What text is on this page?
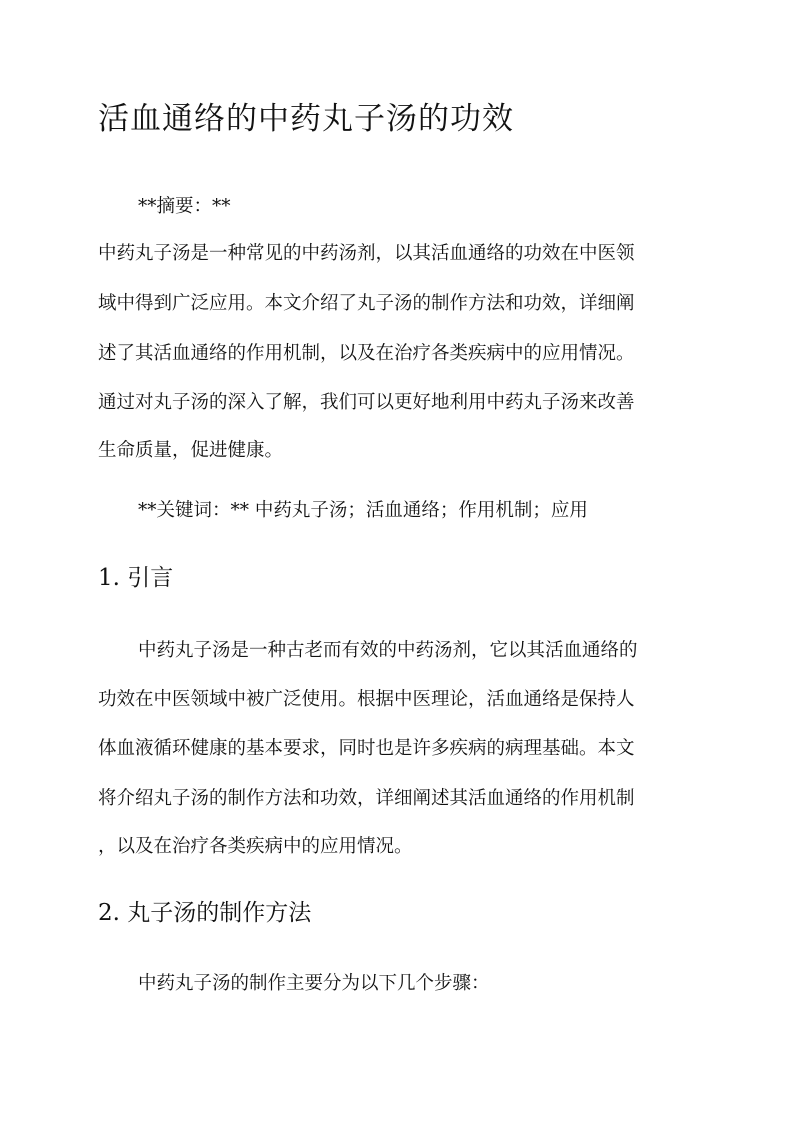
活血通络的中药丸子汤的功效

**摘要：**

中药丸子汤是一种常见的中药汤剂，以其活血通络的功效在中医领

域中得到广泛应用。本文介绍了丸子汤的制作方法和功效，详细阐

述了其活血通络的作用机制，以及在治疗各类疾病中的应用情况。

通过对丸子汤的深入了解，我们可以更好地利用中药丸子汤来改善

生命质量，促进健康。

**关键词：** 中药丸子汤；活血通络；作用机制；应用

1. 引言

中药丸子汤是一种古老而有效的中药汤剂，它以其活血通络的

功效在中医领域中被广泛使用。根据中医理论，活血通络是保持人

体血液循环健康的基本要求，同时也是许多疾病的病理基础。本文

将介绍丸子汤的制作方法和功效，详细阐述其活血通络的作用机制

，以及在治疗各类疾病中的应用情况。

2. 丸子汤的制作方法

中药丸子汤的制作主要分为以下几个步骤：
